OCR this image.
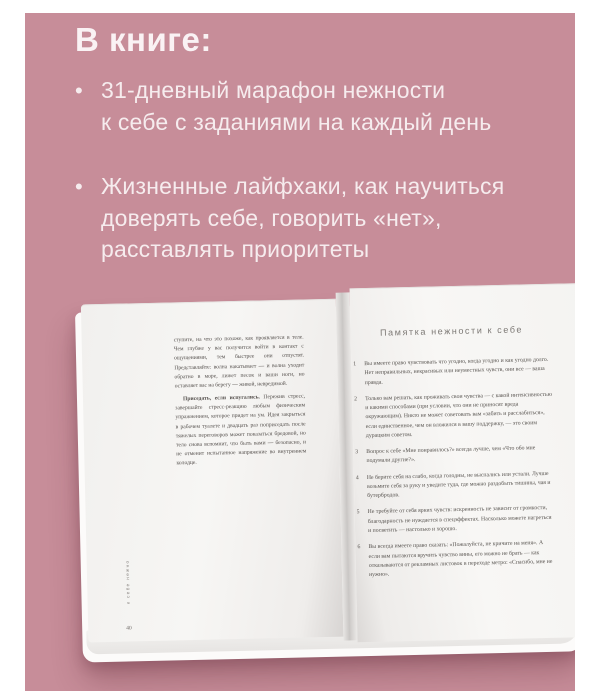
В книге:
• 31-дневный марафон нежности
к себе с заданиями на каждый день
• Жизненные лайфхаки, как научиться
доверять себе, говорить «нет»,
расставлять приоритеты

ступите, на что это похоже, как проявляется в теле. Чем глубже у вас получится войти в контакт с ощущениями, тем быстрее они отпустят. Представляйте: волна накатывает — и волна уходит обратно в море, лижет песок и ваши ноги, но оставляет вас на берегу — живой, невредимой.

Приседать, если испугались. Пережив стресс, завершайте стресс-реакцию любым физическим упражнением, которое придет на ум. Идея закрыться в рабочем туалете и двадцать раз поприседать после тяжелых переговоров может показаться бредовой, но тело снова вспомнит, что быть вами — безопасно, и не отменит испытанное напряжение во внутреннем колодце.

к себе нежно
40
Памятка нежности к себе
1	Вы имеете право чувствовать что угодно, когда угодно и как угодно долго. Нет неправильных, некрасивых или неуместных чувств, они все — ваша правда.
2	Только вам решать, как проживать свои чувства — с какой интенсивностью и какими способами (при условии, что они не приносят вреда окружающим). Никто не может советовать вам «забить и расслабиться», если единственное, чем он вложился в вашу поддержку, — это своим дурацким советом.
3	Вопрос к себе «Мне понравилось?» всегда лучше, чем «Что обо мне подумали другие?».
4	Не берите себя на слабо, когда голодны, не выспались или устали. Лучше возьмите себя за руку и уведите туда, где можно раздобыть тишины, чая и бутербродов.
5	Не требуйте от себя ярких чувств: искренность не зависит от громкости, благодарность не нуждается в спецэффектах. Насколько можете нагреться и посветить — настолько и хорошо.
6	Вы всегда имеете право сказать: «Пожалуйста, не кричите на меня». А если вам пытаются вручить чувство вины, его можно не брать — как отказываются от рекламных листовок в переходе метро: «Спасибо, мне не нужно».
